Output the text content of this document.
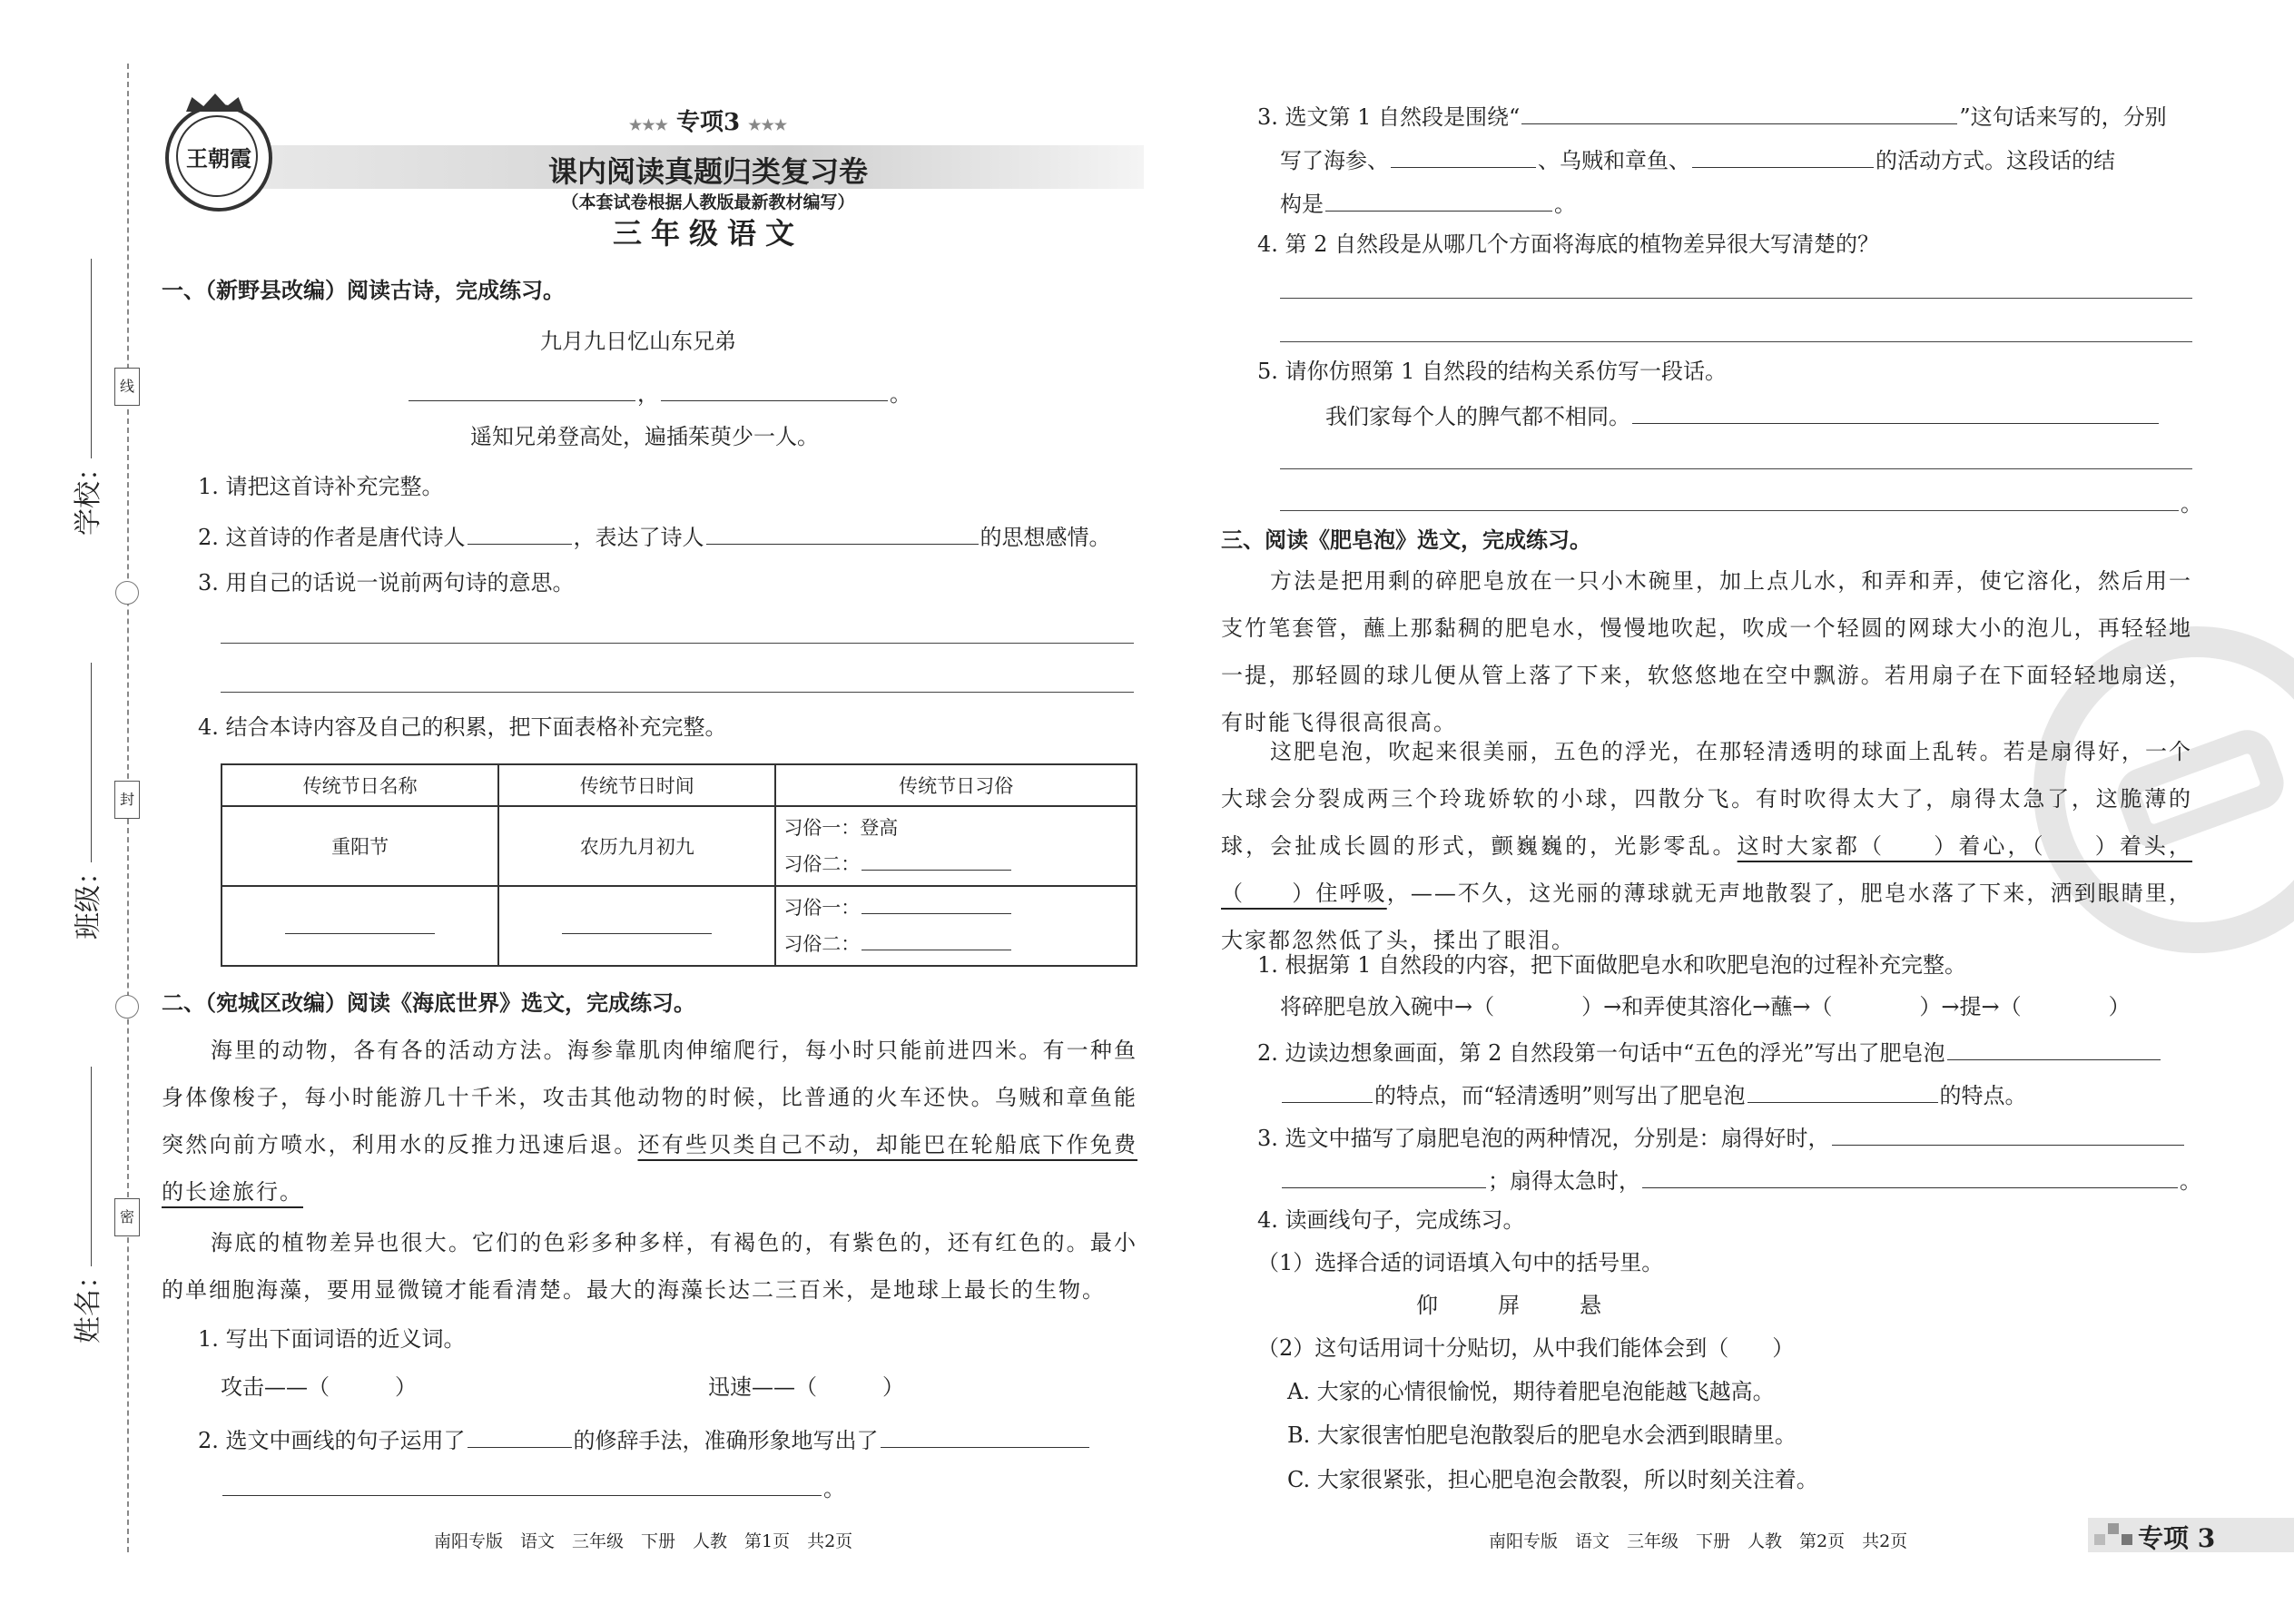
线
封
密
学校：
班级：
姓名：
王朝霞
★★★ 专项3 ★★★
课内阅读真题归类复习卷
（本套试卷根据人教版最新教材编写）
三年级语文
一、（新野县改编）阅读古诗，完成练习。
九月九日忆山东兄弟
，	。
遥知兄弟登高处，遍插茱萸少一人。
1. 请把这首诗补充完整。
2. 这首诗的作者是唐代诗人	，表达了诗人	的思想感情。
3. 用自己的话说一说前两句诗的意思。
4. 结合本诗内容及自己的积累，把下面表格补充完整。
传统节日名称	传统节日时间	传统节日习俗
重阳节	农历九月初九	习俗一：登高
习俗二：

		习俗一：
习俗二：
二、（宛城区改编）阅读《海底世界》选文，完成练习。
海里的动物，各有各的活动方法。海参靠肌肉伸缩爬行，每小时只能前进四米。有一种鱼身体像梭子，每小时能游几十千米，攻击其他动物的时候，比普通的火车还快。乌贼和章鱼能突然向前方喷水，利用水的反推力迅速后退。还有些贝类自己不动，却能巴在轮船底下作免费的长途旅行。
海底的植物差异也很大。它们的色彩多种多样，有褐色的，有紫色的，还有红色的。最小的单细胞海藻，要用显微镜才能看清楚。最大的海藻长达二三百米，是地球上最长的生物。
1. 写出下面词语的近义词。
攻击——（　　　）	迅速——（　　　）
2. 选文中画线的句子运用了	的修辞手法，准确形象地写出了
。
3. 选文第 1 自然段是围绕“	”这句话来写的，分别
写了海参、	、乌贼和章鱼、	的活动方式。这段话的结
构是	。
4. 第 2 自然段是从哪几个方面将海底的植物差异很大写清楚的？
5. 请你仿照第 1 自然段的结构关系仿写一段话。
我们家每个人的脾气都不相同。
。
三、阅读《肥皂泡》选文，完成练习。
方法是把用剩的碎肥皂放在一只小木碗里，加上点儿水，和弄和弄，使它溶化，然后用一支竹笔套管，蘸上那黏稠的肥皂水，慢慢地吹起，吹成一个轻圆的网球大小的泡儿，再轻轻地一提，那轻圆的球儿便从管上落了下来，软悠悠地在空中飘游。若用扇子在下面轻轻地扇送，有时能飞得很高很高。
这肥皂泡，吹起来很美丽，五色的浮光，在那轻清透明的球面上乱转。若是扇得好，一个大球会分裂成两三个玲珑娇软的小球，四散分飞。有时吹得太大了，扇得太急了，这脆薄的球，会扯成长圆的形式，颤巍巍的，光影零乱。这时大家都（　　）着心，（　　）着头，（　　）住呼吸，——不久，这光丽的薄球就无声地散裂了，肥皂水落了下来，洒到眼睛里，大家都忽然低了头，揉出了眼泪。
1. 根据第 1 自然段的内容，把下面做肥皂水和吹肥皂泡的过程补充完整。
将碎肥皂放入碗中→（　　　　）→和弄使其溶化→蘸→（　　　　）→提→（　　　　）
2. 边读边想象画面，第 2 自然段第一句话中“五色的浮光”写出了肥皂泡
的特点，而“轻清透明”则写出了肥皂泡	的特点。
3. 选文中描写了扇肥皂泡的两种情况，分别是：扇得好时，
；扇得太急时，	。
4. 读画线句子，完成练习。
（1）选择合适的词语填入句中的括号里。
仰　　屏　　悬
（2）这句话用词十分贴切，从中我们能体会到（　　）
A. 大家的心情很愉悦，期待着肥皂泡能越飞越高。
B. 大家很害怕肥皂泡散裂后的肥皂水会洒到眼睛里。
C. 大家很紧张，担心肥皂泡会散裂，所以时刻关注着。
南阳专版　语文　三年级　下册　人教　第1页　共2页	南阳专版　语文　三年级　下册　人教　第2页　共2页	专项 3
